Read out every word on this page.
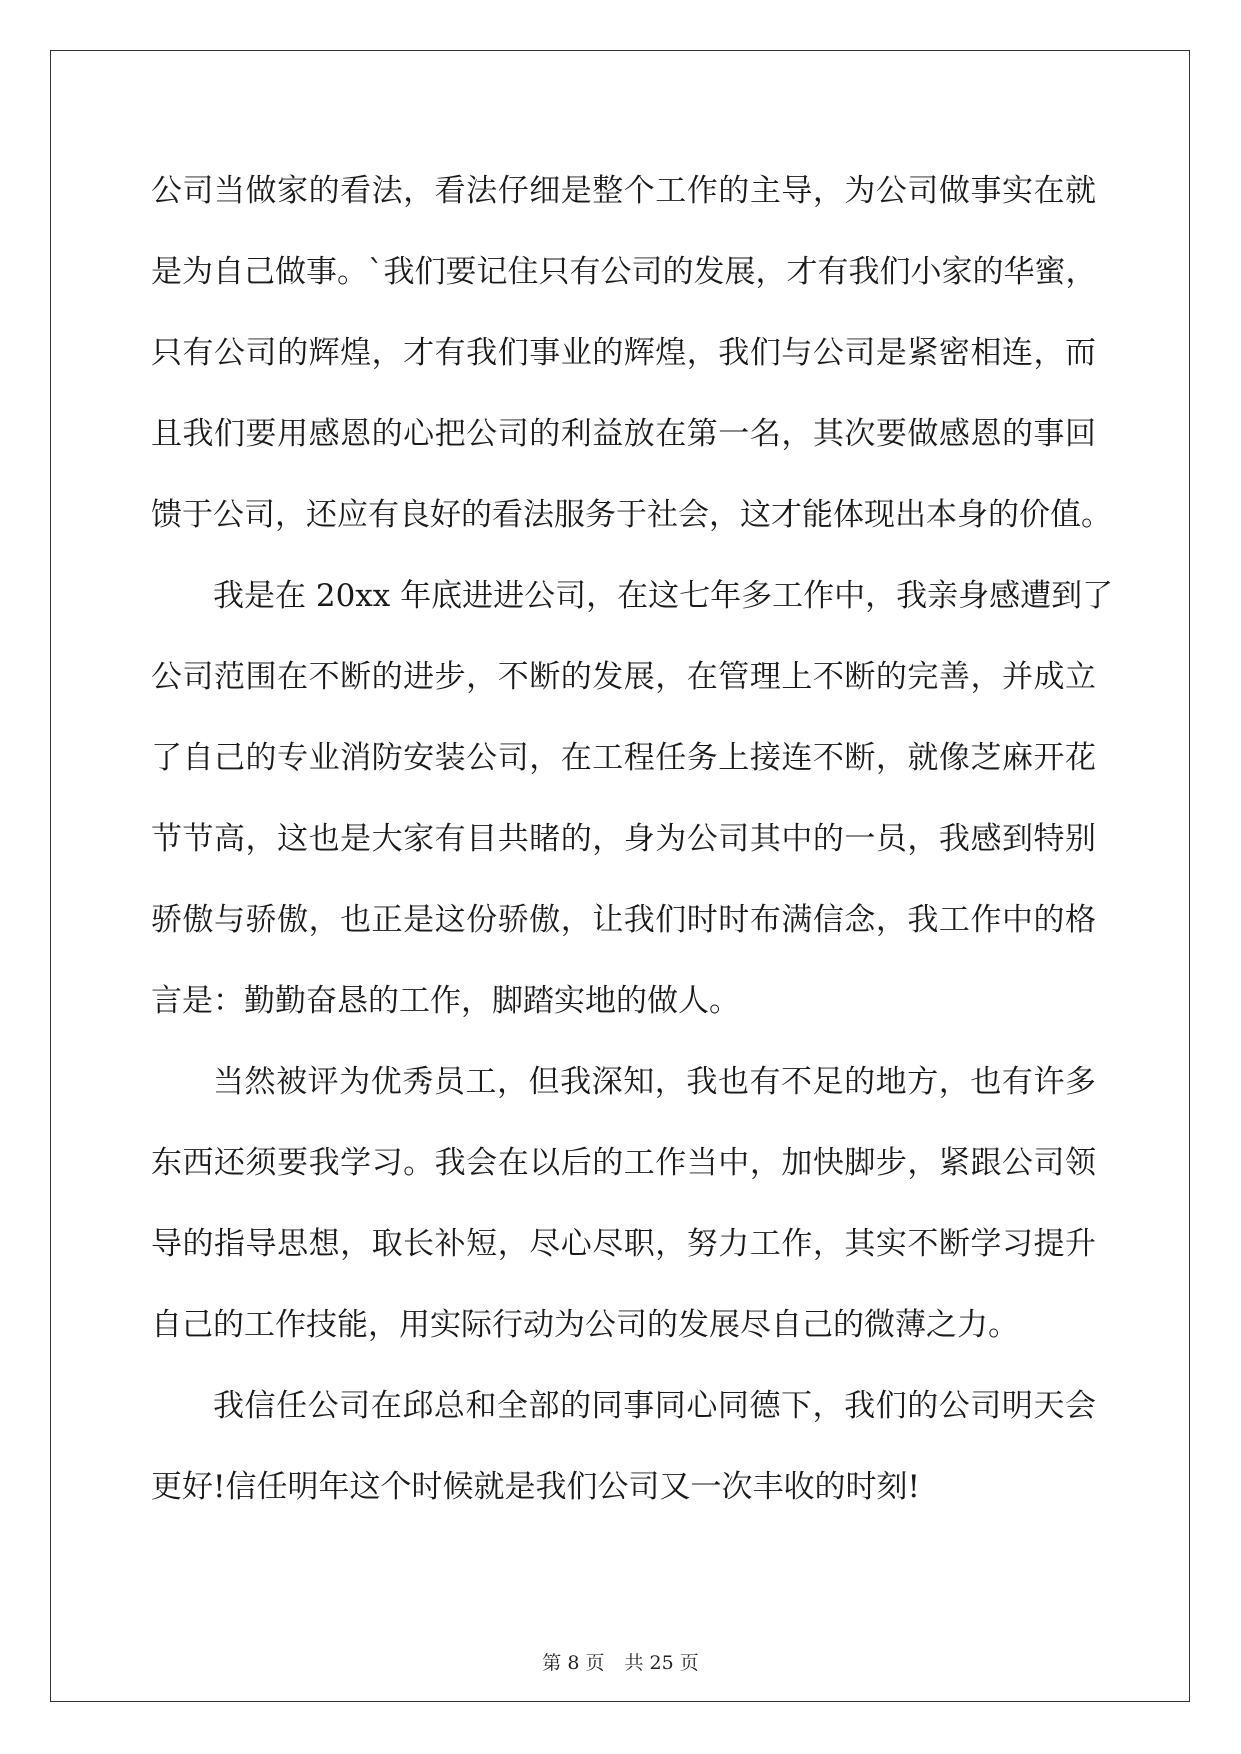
公司当做家的看法，看法仔细是整个工作的主导，为公司做事实在就
是为自己做事。`我们要记住只有公司的发展，才有我们小家的华蜜，
只有公司的辉煌，才有我们事业的辉煌，我们与公司是紧密相连，而
且我们要用感恩的心把公司的利益放在第一名，其次要做感恩的事回
馈于公司，还应有良好的看法服务于社会，这才能体现出本身的价值。
我是在 20xx 年底进进公司，在这七年多工作中，我亲身感遭到了
公司范围在不断的进步，不断的发展，在管理上不断的完善，并成立
了自己的专业消防安装公司，在工程任务上接连不断，就像芝麻开花
节节高，这也是大家有目共睹的，身为公司其中的一员，我感到特别
骄傲与骄傲，也正是这份骄傲，让我们时时布满信念，我工作中的格
言是：勤勤奋恳的工作，脚踏实地的做人。
当然被评为优秀员工，但我深知，我也有不足的地方，也有许多
东西还须要我学习。我会在以后的工作当中，加快脚步，紧跟公司领
导的指导思想，取长补短，尽心尽职，努力工作，其实不断学习提升
自己的工作技能，用实际行动为公司的发展尽自己的微薄之力。
我信任公司在邱总和全部的同事同心同德下，我们的公司明天会
更好!信任明年这个时候就是我们公司又一次丰收的时刻!
第 8 页 共 25 页
